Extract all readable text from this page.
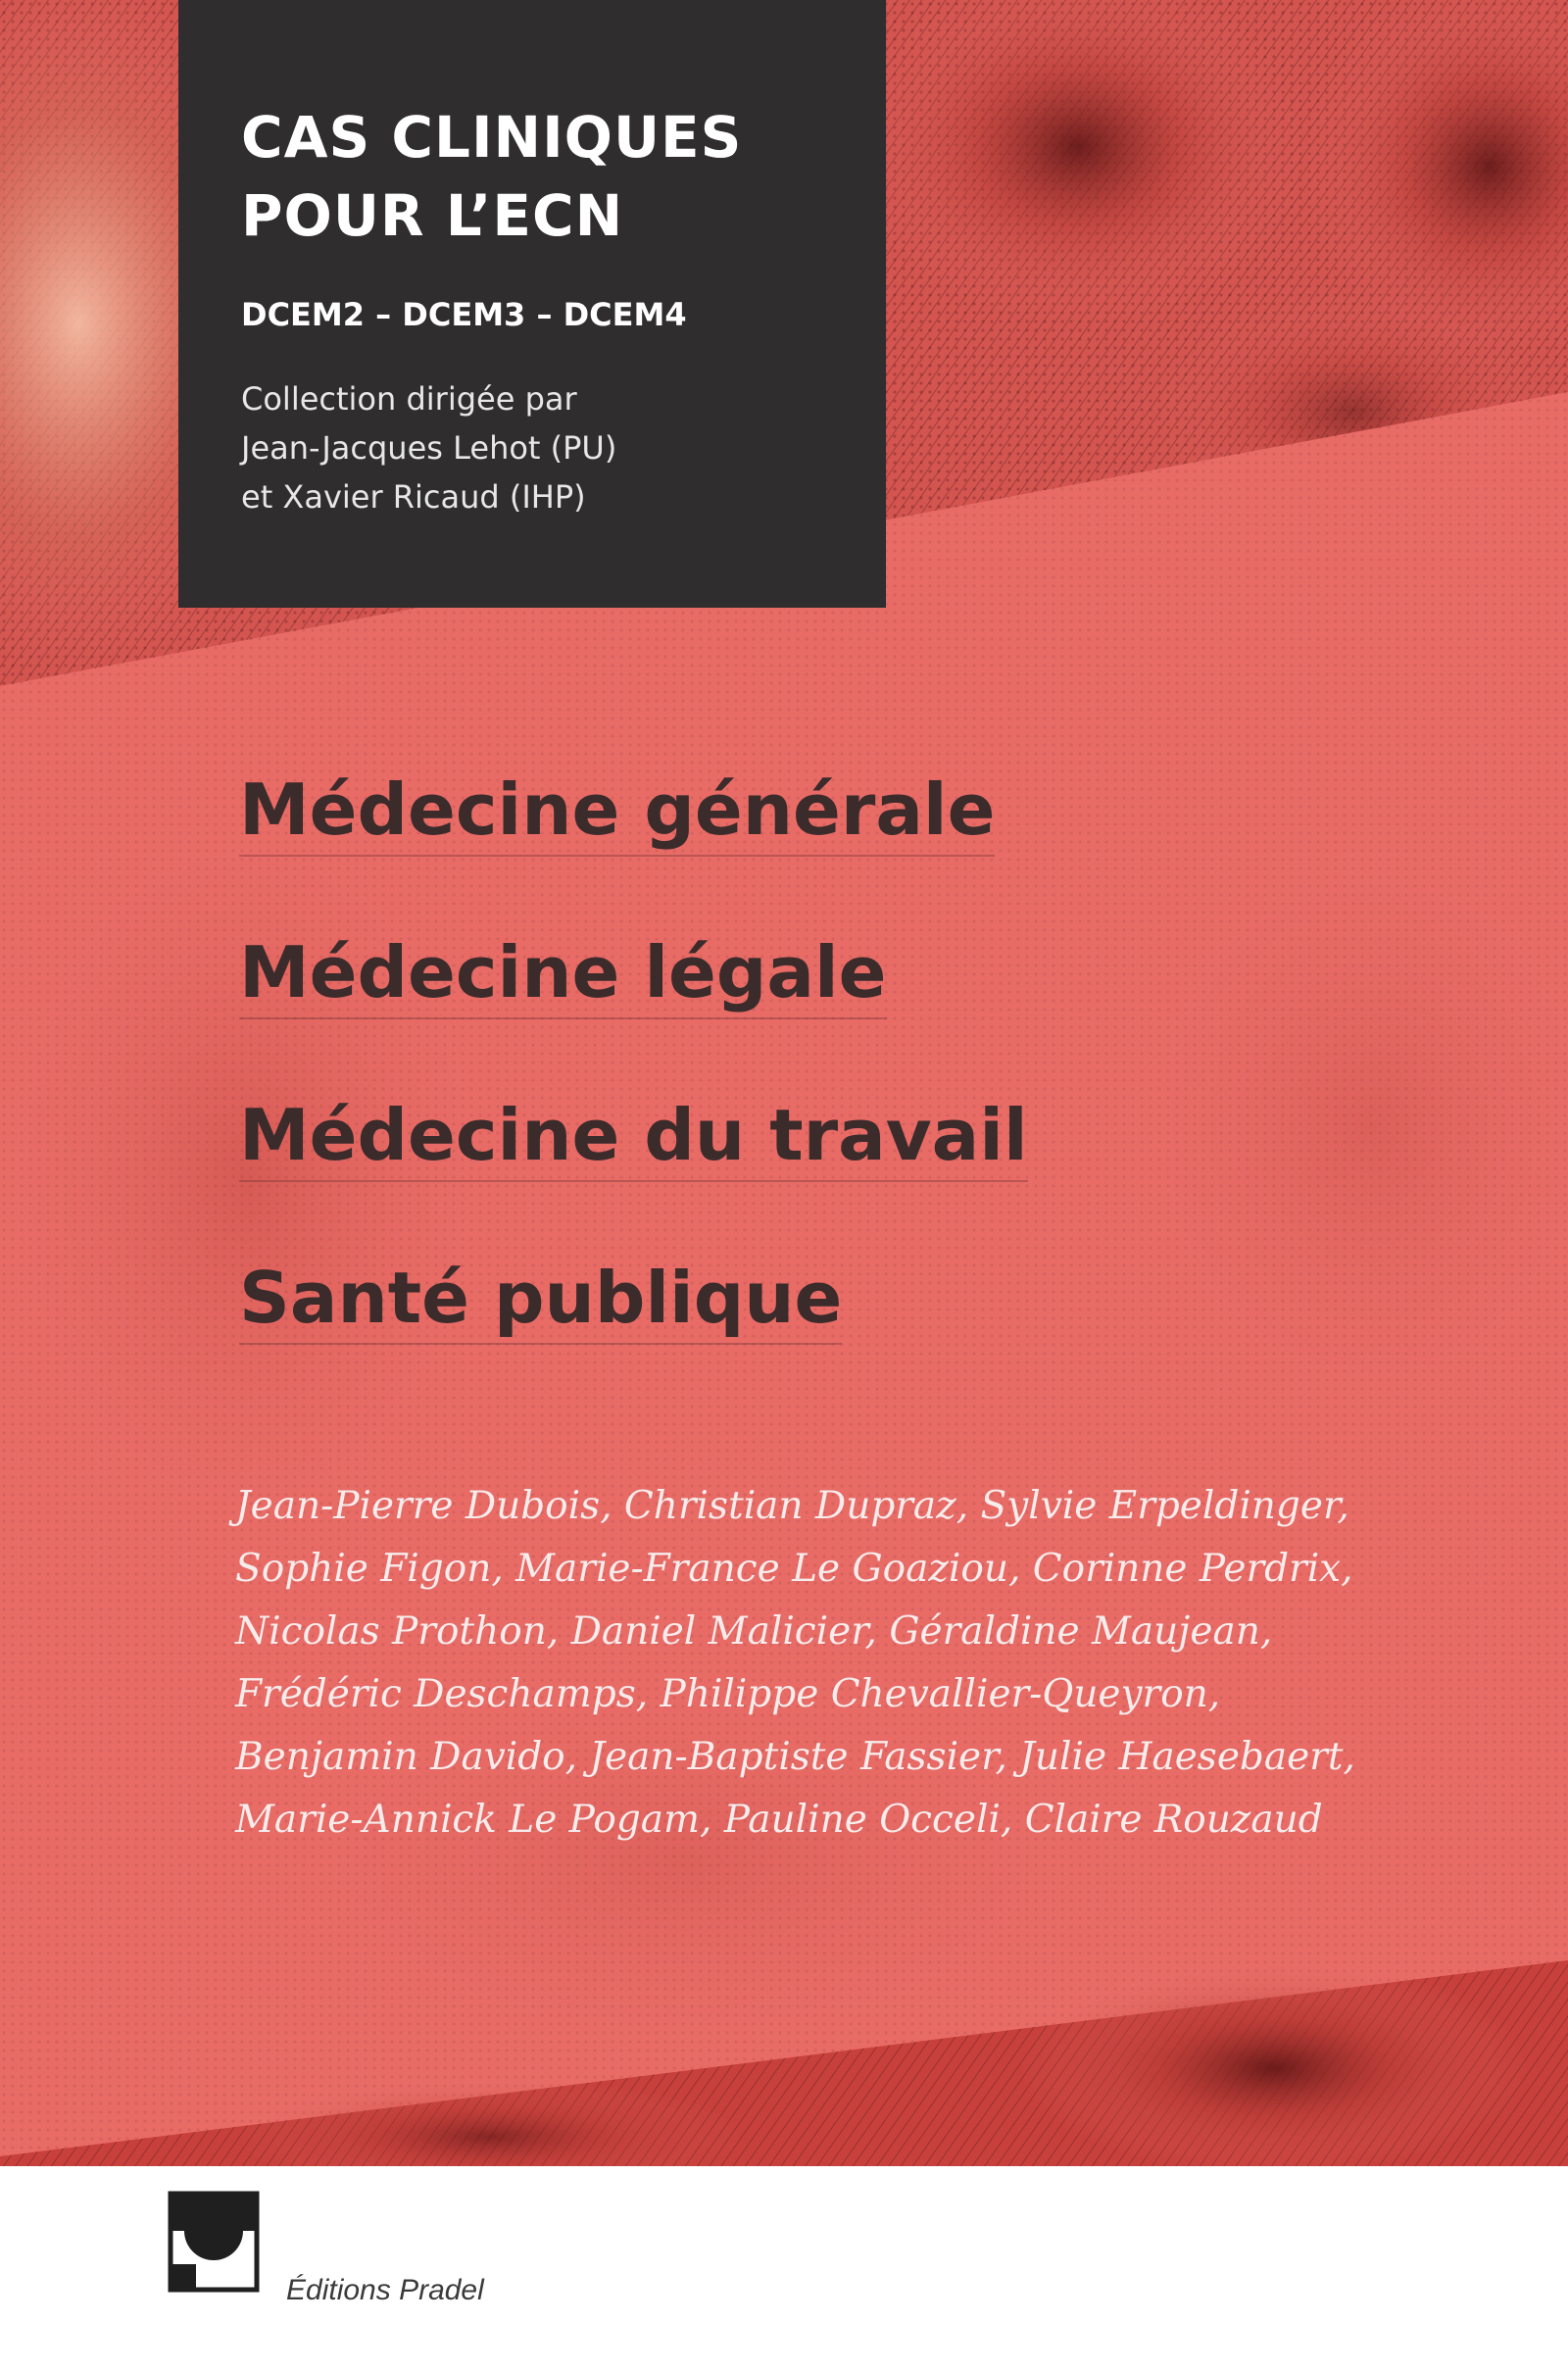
CAS CLINIQUES
POUR L’ECN
DCEM2 – DCEM3 – DCEM4
Collection dirigée par
Jean-Jacques Lehot (PU)
et Xavier Ricaud (IHP)
Médecine générale
Médecine légale
Médecine du travail
Santé publique
Jean-Pierre Dubois, Christian Dupraz, Sylvie Erpeldinger,
Sophie Figon, Marie-France Le Goaziou, Corinne Perdrix,
Nicolas Prothon, Daniel Malicier, Géraldine Maujean,
Frédéric Deschamps, Philippe Chevallier-Queyron,
Benjamin Davido, Jean-Baptiste Fassier, Julie Haesebaert,
Marie-Annick Le Pogam, Pauline Occeli, Claire Rouzaud
Éditions Pradel
